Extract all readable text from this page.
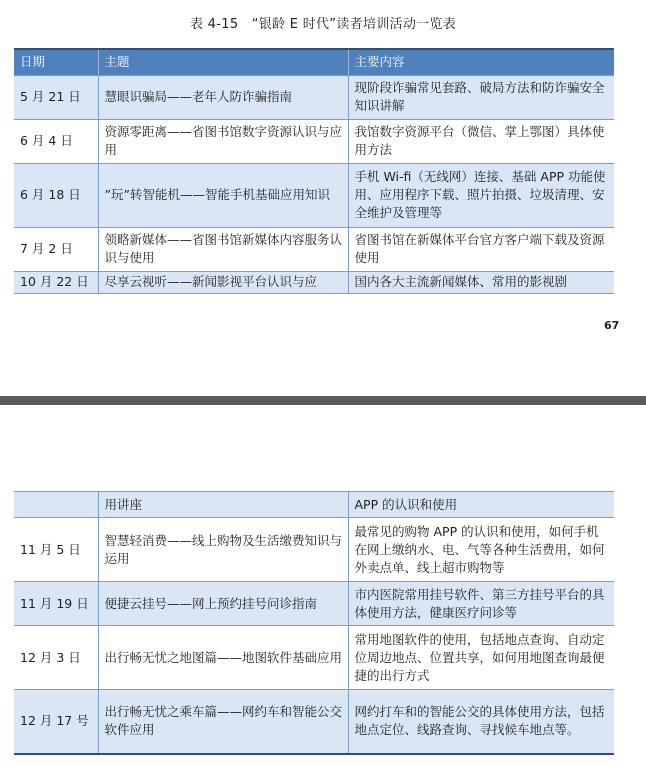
表 4-15　“银龄 E 时代”读者培训活动一览表
日期	主题	主要内容
5 月 21 日	慧眼识骗局——老年人防诈骗指南	现阶段诈骗常见套路、破局方法和防诈骗安全知识讲解
6 月 4 日	资源零距离——省图书馆数字资源认识与应用	我馆数字资源平台（微信、掌上鄂图）具体使用方法
6 月 18 日	”玩”转智能机——智能手机基础应用知识	手机 Wi-fi（无线网）连接、基础 APP 功能使用、应用程序下载、照片拍摄、垃圾清理、安全维护及管理等
7 月 2 日	领略新媒体——省图书馆新媒体内容服务认识与使用	省图书馆在新媒体平台官方客户端下载及资源使用
10 月 22 日	尽享云视听——新闻影视平台认识与应	国内各大主流新闻媒体、常用的影视剧
67
	用讲座	APP 的认识和使用
11 月 5 日	智慧轻消费——线上购物及生活缴费知识与运用	最常见的购物 APP 的认识和使用，如何手机在网上缴纳水、电、气等各种生活费用，如何外卖点单、线上超市购物等
11 月 19 日	便捷云挂号——网上预约挂号问诊指南	市内医院常用挂号软件、第三方挂号平台的具体使用方法，健康医疗问诊等
12 月 3 日	出行畅无忧之地图篇——地图软件基础应用	常用地图软件的使用，包括地点查询、自动定位周边地点、位置共享，如何用地图查询最便捷的出行方式
12 月 17 号	出行畅无忧之乘车篇——网约车和智能公交软件应用	网约打车和的智能公交的具体使用方法，包括地点定位、线路查询、寻找候车地点等。
